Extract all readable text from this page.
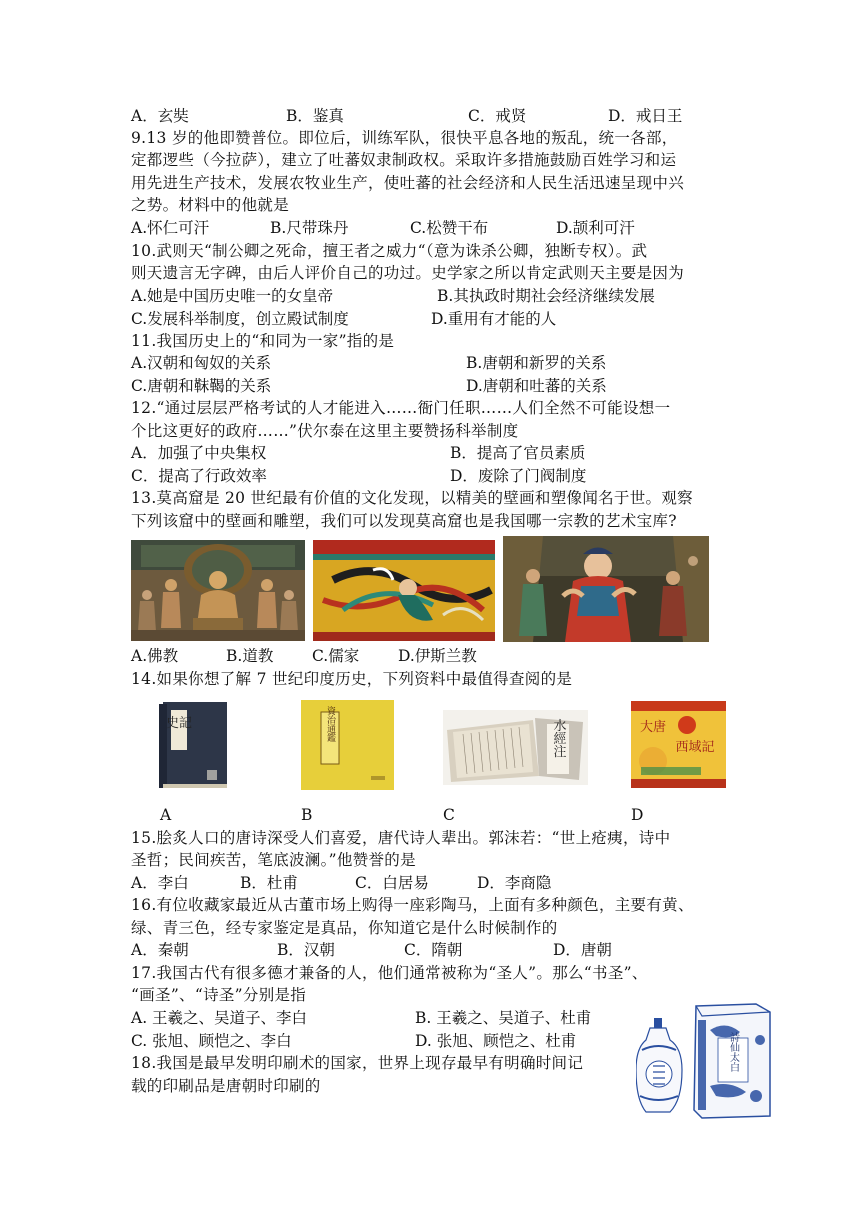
A．玄奘	B．鉴真	C．戒贤	D．戒日王
9.13 岁的他即赞普位。即位后，训练军队，很快平息各地的叛乱，统一各部，
定都逻些（今拉萨），建立了吐蕃奴隶制政权。采取许多措施鼓励百姓学习和运
用先进生产技术，发展农牧业生产，使吐蕃的社会经济和人民生活迅速呈现中兴
之势。材料中的他就是
A.怀仁可汗	B.尺带珠丹	C.松赞干布	D.颉利可汗
10.武则天“制公卿之死命，擅王者之威力“（意为诛杀公卿，独断专权）。武
则天遗言无字碑，由后人评价自己的功过。史学家之所以肯定武则天主要是因为
A.她是中国历史唯一的女皇帝	B.其执政时期社会经济继续发展
C.发展科举制度，创立殿试制度	D.重用有才能的人
11.我国历史上的“和同为一家”指的是
A.汉朝和匈奴的关系	B.唐朝和新罗的关系
C.唐朝和靺鞨的关系	D.唐朝和吐蕃的关系
12.“通过层层严格考试的人才能进入……衙门任职……人们全然不可能设想一
个比这更好的政府……”伏尔泰在这里主要赞扬科举制度
A．加强了中央集权	B．提高了官员素质
C．提高了行政效率	D．废除了门阀制度
13.莫高窟是 20 世纪最有价值的文化发现，以精美的壁画和塑像闻名于世。观察
下列该窟中的壁画和雕塑，我们可以发现莫高窟也是我国哪一宗教的艺术宝库?
A.佛教	B.道教 C.儒家	D.伊斯兰教
14.如果你想了解 7 世纪印度历史，下列资料中最值得查阅的是
史記	資治通鑑	水經注	大唐
西域記
A	B	C	D
15.脍炙人口的唐诗深受人们喜爱，唐代诗人辈出。郭沫若：“世上疮痍，诗中
圣哲；民间疾苦，笔底波澜。”他赞誉的是
A．李白	B．杜甫	C．白居易	D．李商隐
16.有位收藏家最近从古董市场上购得一座彩陶马，上面有多种颜色，主要有黄、
绿、青三色，经专家鉴定是真品，你知道它是什么时候制作的
A．秦朝	B．汉朝	C．隋朝	D．唐朝
17.我国古代有很多德才兼备的人，他们通常被称为“圣人”。那么“书圣”、
“画圣”、“诗圣”分别是指
A. 王羲之、吴道子、李白	B. 王羲之、吴道子、杜甫
C. 张旭、顾恺之、李白	D. 张旭、顾恺之、杜甫
18.我国是最早发明印刷术的国家，世界上现存最早有明确时间记
载的印刷品是唐朝时印刷的
詩仙太白
